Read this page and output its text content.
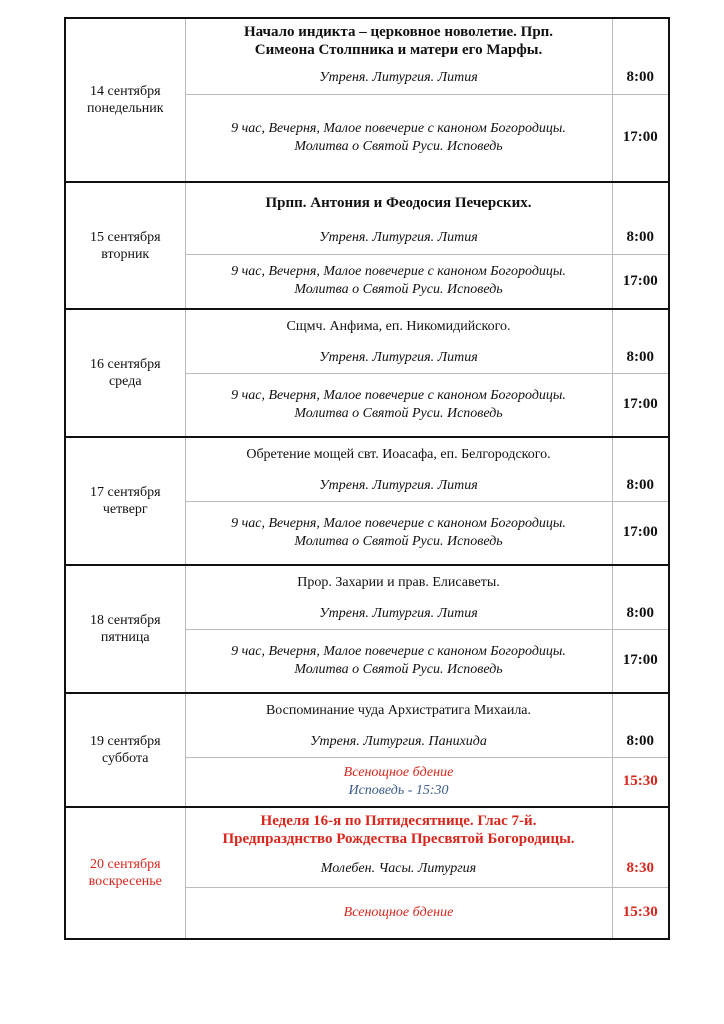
14 сентября
понедельник	Начало индикта – церковное новолетие. Прп.
Симеона Столпника и матери его Марфы.	
	Утреня. Литургия. Лития	8:00
	9 час, Вечерня, Малое повечерие с каноном Богородицы.
Молитва о Святой Руси. Исповедь	17:00
15 сентября
вторник	Прпп. Антония и Феодосия Печерских.	
	Утреня. Литургия. Лития	8:00
	9 час, Вечерня, Малое повечерие с каноном Богородицы.
Молитва о Святой Руси. Исповедь	17:00
16 сентября
среда	Сщмч. Анфима, еп. Никомидийского.	
	Утреня. Литургия. Лития	8:00
	9 час, Вечерня, Малое повечерие с каноном Богородицы.
Молитва о Святой Руси. Исповедь	17:00
17 сентября
четверг	Обретение мощей свт. Иоасафа, еп. Белгородского.	
	Утреня. Литургия. Лития	8:00
	9 час, Вечерня, Малое повечерие с каноном Богородицы.
Молитва о Святой Руси. Исповедь	17:00
18 сентября
пятница	Прор. Захарии и прав. Елисаветы.	
	Утреня. Литургия. Лития	8:00
	9 час, Вечерня, Малое повечерие с каноном Богородицы.
Молитва о Святой Руси. Исповедь	17:00
19 сентября
суббота	Воспоминание чуда Архистратига Михаила.	
	Утреня. Литургия. Панихида	8:00
	Всенощное бдение
Исповедь - 15:30	15:30
20 сентября
воскресенье	Неделя 16-я по Пятидесятнице. Глас 7-й.
Предпразднство Рождества Пресвятой Богородицы.	
	Молебен. Часы. Литургия	8:30
	Всенощное бдение	15:30
